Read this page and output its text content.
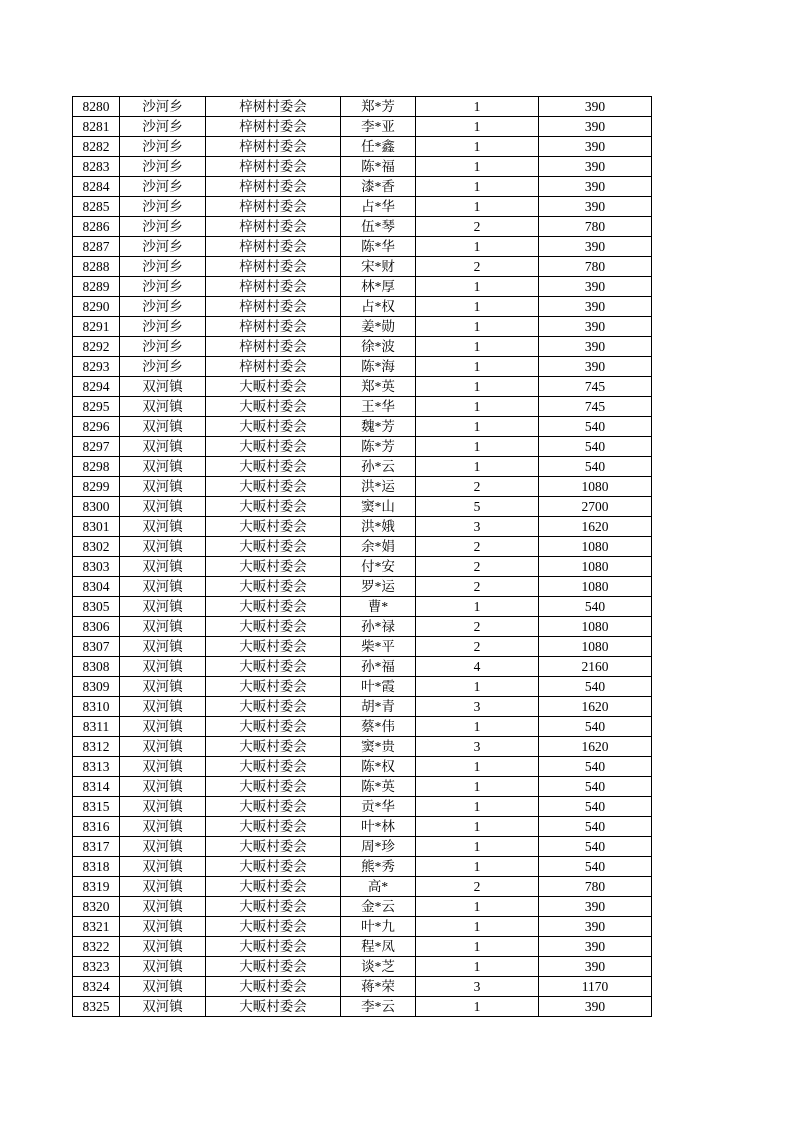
8280	沙河乡	梓树村委会	郑*芳	1	390
8281	沙河乡	梓树村委会	李*亚	1	390
8282	沙河乡	梓树村委会	任*鑫	1	390
8283	沙河乡	梓树村委会	陈*福	1	390
8284	沙河乡	梓树村委会	漆*香	1	390
8285	沙河乡	梓树村委会	占*华	1	390
8286	沙河乡	梓树村委会	伍*琴	2	780
8287	沙河乡	梓树村委会	陈*华	1	390
8288	沙河乡	梓树村委会	宋*财	2	780
8289	沙河乡	梓树村委会	林*厚	1	390
8290	沙河乡	梓树村委会	占*权	1	390
8291	沙河乡	梓树村委会	姜*勋	1	390
8292	沙河乡	梓树村委会	徐*波	1	390
8293	沙河乡	梓树村委会	陈*海	1	390
8294	双河镇	大畈村委会	郑*英	1	745
8295	双河镇	大畈村委会	王*华	1	745
8296	双河镇	大畈村委会	魏*芳	1	540
8297	双河镇	大畈村委会	陈*芳	1	540
8298	双河镇	大畈村委会	孙*云	1	540
8299	双河镇	大畈村委会	洪*运	2	1080
8300	双河镇	大畈村委会	窦*山	5	2700
8301	双河镇	大畈村委会	洪*娥	3	1620
8302	双河镇	大畈村委会	余*娟	2	1080
8303	双河镇	大畈村委会	付*安	2	1080
8304	双河镇	大畈村委会	罗*运	2	1080
8305	双河镇	大畈村委会	曹*	1	540
8306	双河镇	大畈村委会	孙*禄	2	1080
8307	双河镇	大畈村委会	柴*平	2	1080
8308	双河镇	大畈村委会	孙*福	4	2160
8309	双河镇	大畈村委会	叶*霞	1	540
8310	双河镇	大畈村委会	胡*青	3	1620
8311	双河镇	大畈村委会	蔡*伟	1	540
8312	双河镇	大畈村委会	窦*贵	3	1620
8313	双河镇	大畈村委会	陈*权	1	540
8314	双河镇	大畈村委会	陈*英	1	540
8315	双河镇	大畈村委会	贡*华	1	540
8316	双河镇	大畈村委会	叶*林	1	540
8317	双河镇	大畈村委会	周*珍	1	540
8318	双河镇	大畈村委会	熊*秀	1	540
8319	双河镇	大畈村委会	高*	2	780
8320	双河镇	大畈村委会	金*云	1	390
8321	双河镇	大畈村委会	叶*九	1	390
8322	双河镇	大畈村委会	程*凤	1	390
8323	双河镇	大畈村委会	谈*芝	1	390
8324	双河镇	大畈村委会	蒋*荣	3	1170
8325	双河镇	大畈村委会	李*云	1	390
